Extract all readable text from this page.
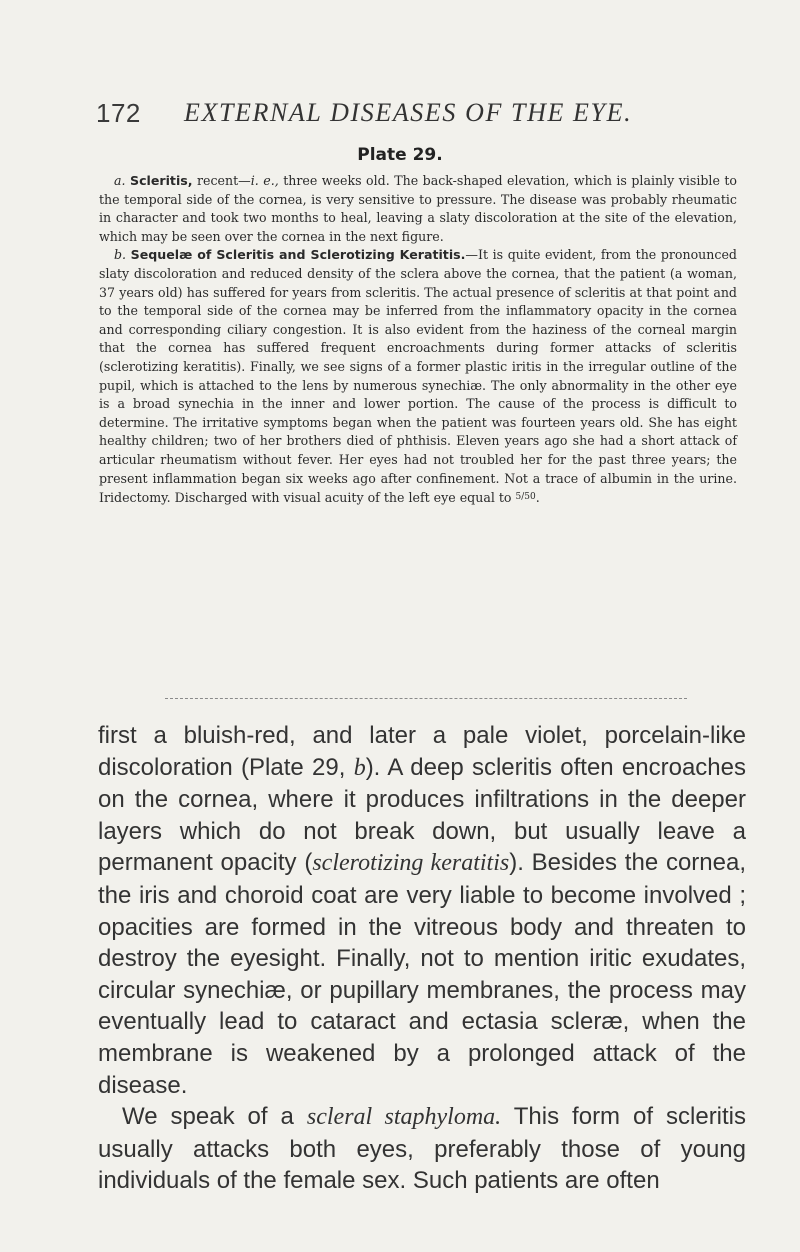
172 EXTERNAL DISEASES OF THE EYE.
Plate 29.

a. Scleritis, recent—i. e., three weeks old. The back-shaped elevation, which is plainly visible to the temporal side of the cornea, is very sensitive to pressure. The disease was probably rheumatic in character and took two months to heal, leaving a slaty discoloration at the site of the elevation, which may be seen over the cornea in the next figure.

b. Sequelæ of Scleritis and Sclerotizing Keratitis.—It is quite evident, from the pronounced slaty discoloration and reduced density of the sclera above the cornea, that the patient (a woman, 37 years old) has suffered for years from scleritis. The actual presence of scleritis at that point and to the temporal side of the cornea may be inferred from the inflammatory opacity in the cornea and corresponding ciliary congestion. It is also evident from the haziness of the corneal margin that the cornea has suffered frequent encroachments during former attacks of scleritis (sclerotizing keratitis). Finally, we see signs of a former plastic iritis in the irregular outline of the pupil, which is attached to the lens by numerous synechiæ. The only abnormality in the other eye is a broad synechia in the inner and lower portion. The cause of the process is difficult to determine. The irritative symptoms began when the patient was fourteen years old. She has eight healthy children; two of her brothers died of phthisis. Eleven years ago she had a short attack of articular rheumatism without fever. Her eyes had not troubled her for the past three years; the present inflammation began six weeks ago after confinement. Not a trace of albumin in the urine. Iridectomy. Discharged with visual acuity of the left eye equal to $^{5/50}$.

first a bluish-red, and later a pale violet, porcelain-like discoloration (Plate 29, b). A deep scleritis often encroaches on the cornea, where it produces infiltrations in the deeper layers which do not break down, but usually leave a permanent opacity (sclerotizing keratitis). Besides the cornea, the iris and choroid coat are very liable to become involved ; opacities are formed in the vitreous body and threaten to destroy the eyesight. Finally, not to mention iritic exudates, circular synechiæ, or pupillary membranes, the process may eventually lead to cataract and ectasia scleræ, when the membrane is weakened by a prolonged attack of the disease.

We speak of a scleral staphyloma. This form of scleritis usually attacks both eyes, preferably those of young individuals of the female sex. Such patients are often
